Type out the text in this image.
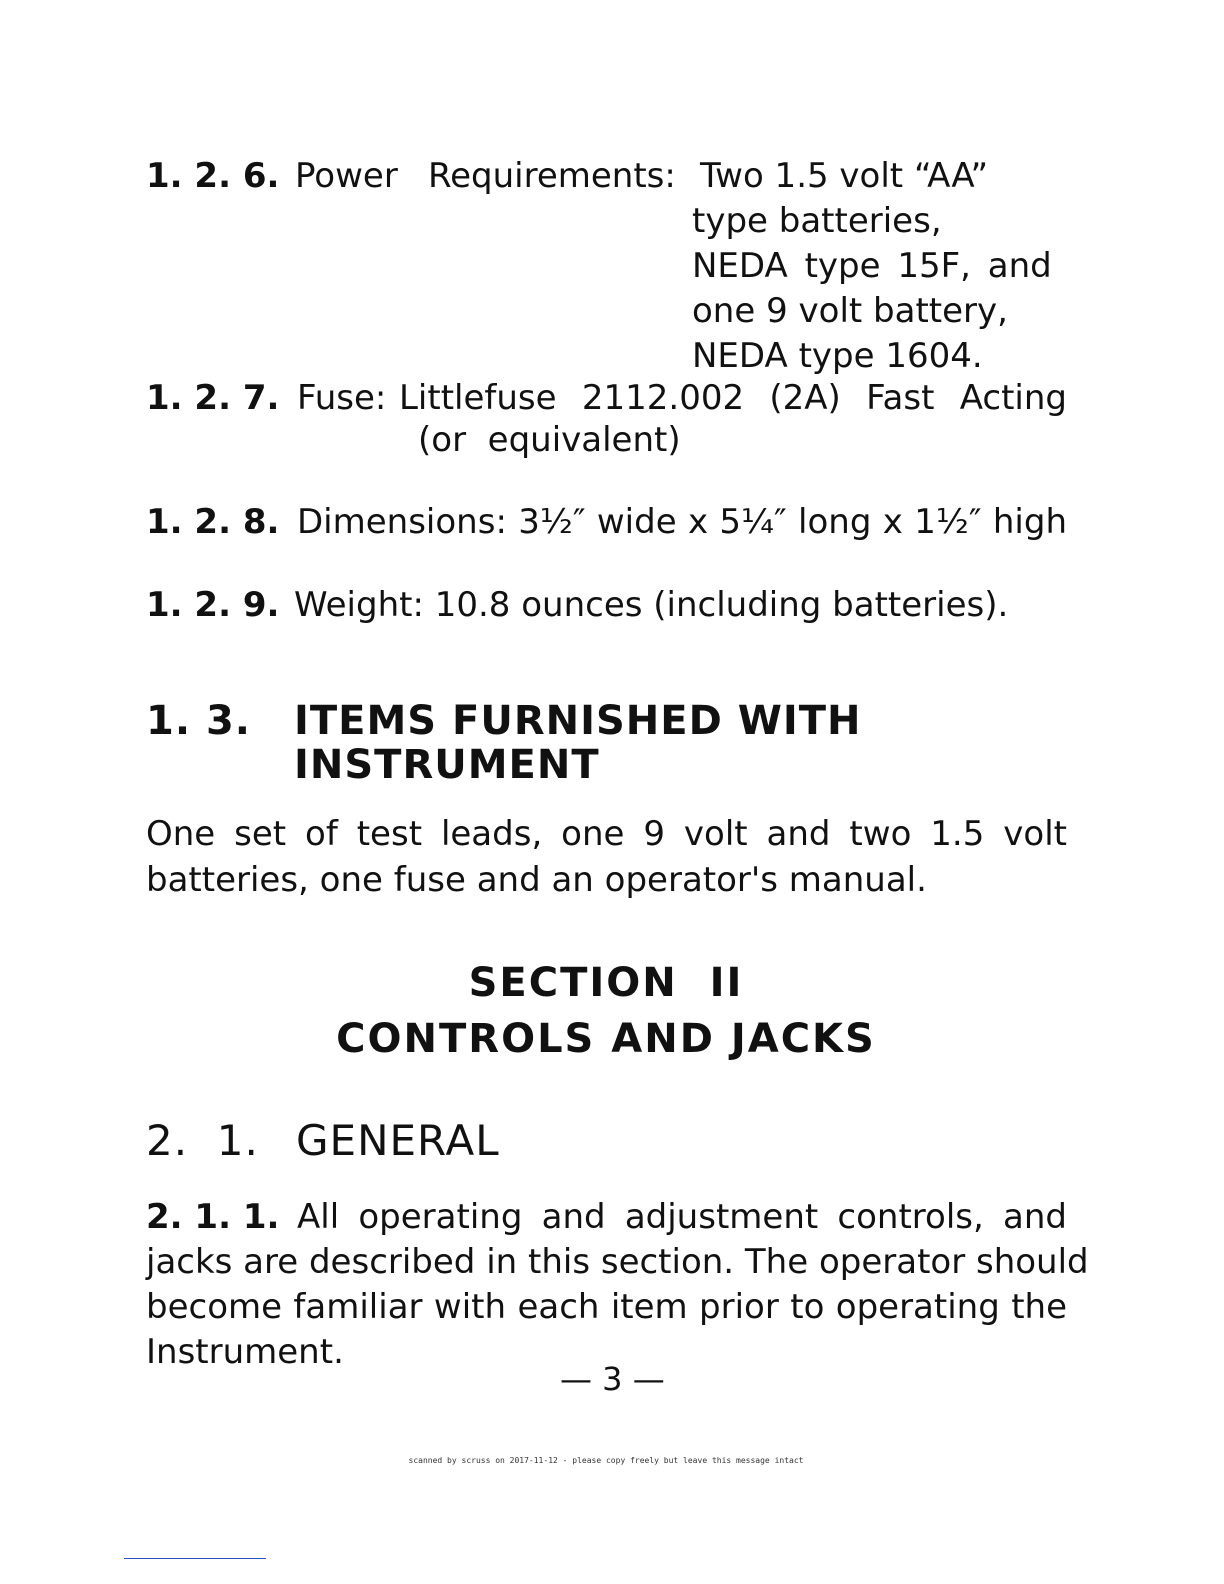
1. 2. 6. Power Requirements: Two 1.5 volt “AA”
type batteries,
NEDA type 15F, and
one 9 volt battery,
NEDA type 1604.
1. 2. 7. Fuse: Littlefuse  2112.002  (2A)  Fast  Acting
(or  equivalent)
1. 2. 8. Dimensions: 3½″ wide x 5¼″ long x 1½″ high
1. 2. 9. Weight: 10.8 ounces (including batteries).
1. 3. ITEMS FURNISHED WITH
INSTRUMENT
One set of test leads, one 9 volt and two 1.5 volt
batteries, one fuse and an operator's manual.
SECTION  II
CONTROLS AND JACKS
2.  1. GENERAL
2. 1. 1. All operating and adjustment controls, and
jacks are described in this section. The operator should
become familiar with each item prior to operating the
Instrument.
— 3 —
scanned by scruss on 2017-11-12 - please copy freely but leave this message intact
